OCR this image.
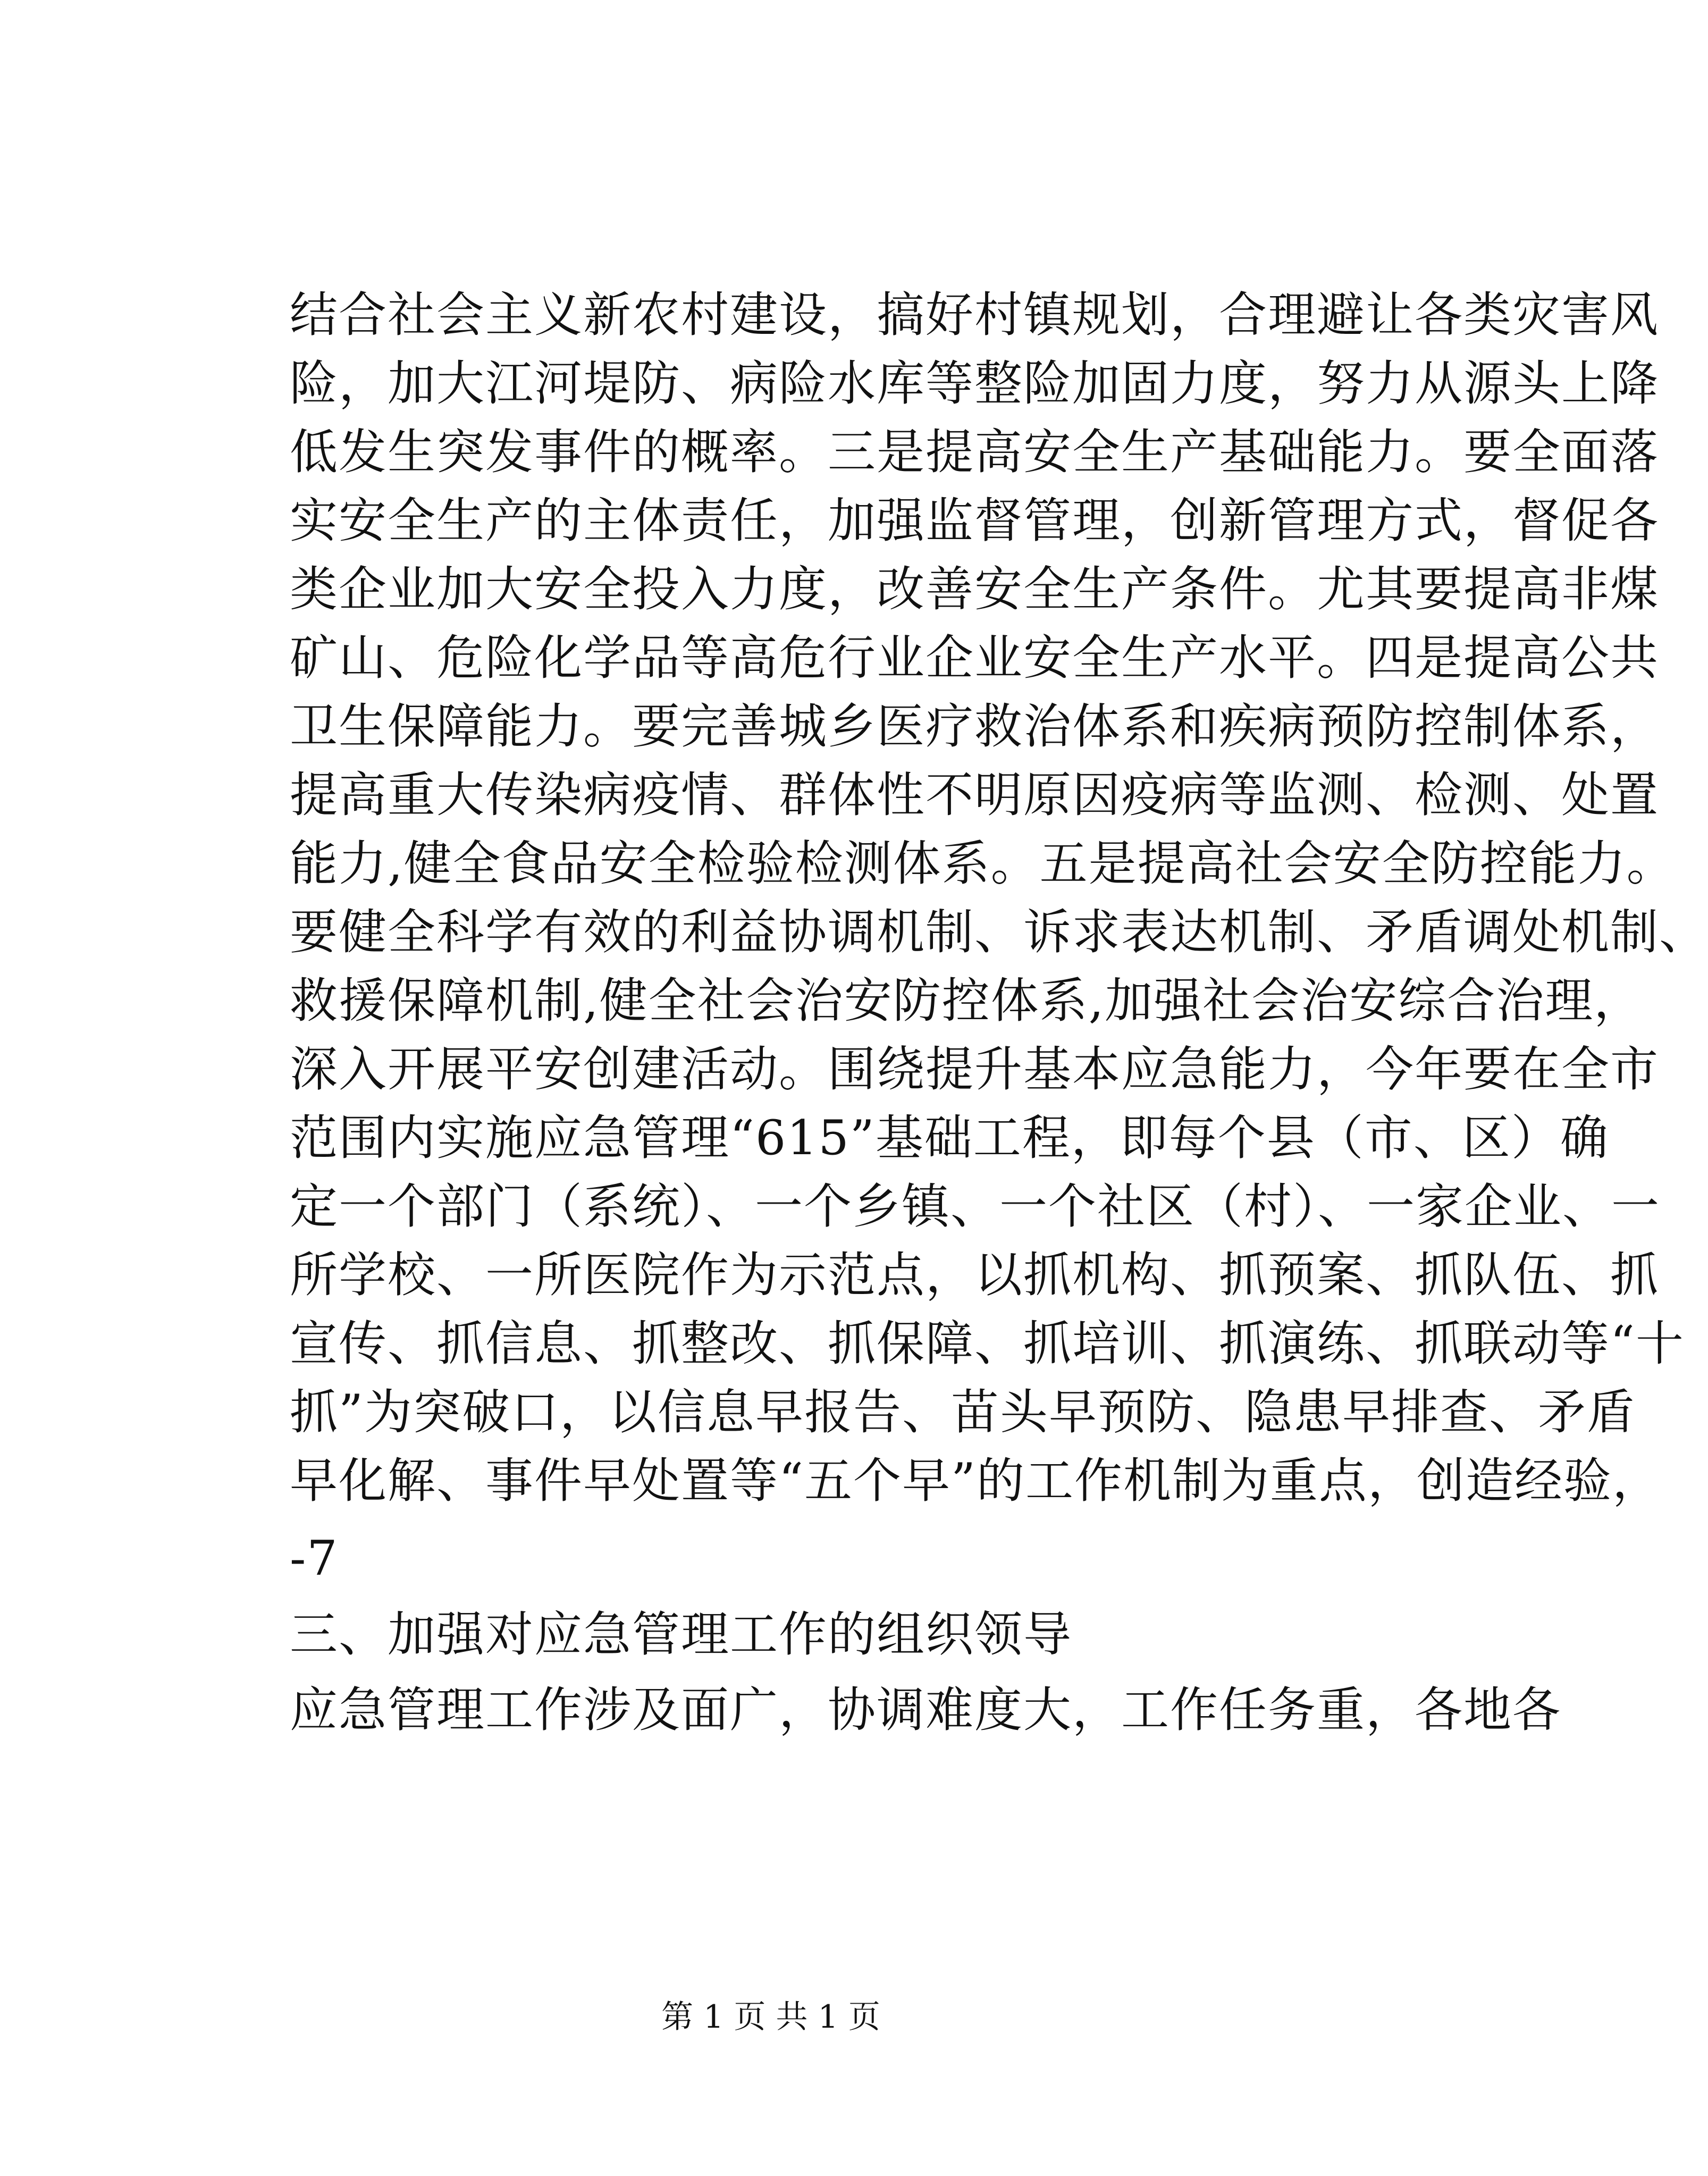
结合社会主义新农村建设，搞好村镇规划，合理避让各类灾害风

险，加大江河堤防、病险水库等整险加固力度，努力从源头上降

低发生突发事件的概率。三是提高安全生产基础能力。要全面落

实安全生产的主体责任，加强监督管理，创新管理方式，督促各

类企业加大安全投入力度，改善安全生产条件。尤其要提高非煤

矿山、危险化学品等高危行业企业安全生产水平。四是提高公共

卫生保障能力。要完善城乡医疗救治体系和疾病预防控制体系，

提高重大传染病疫情、群体性不明原因疫病等监测、检测、处置

能力,健全食品安全检验检测体系。五是提高社会安全防控能力。

要健全科学有效的利益协调机制、诉求表达机制、矛盾调处机制、

救援保障机制,健全社会治安防控体系,加强社会治安综合治理，

深入开展平安创建活动。围绕提升基本应急能力，今年要在全市

范围内实施应急管理“615”基础工程，即每个县（市、区）确

定一个部门（系统）、一个乡镇、一个社区（村）、一家企业、一

所学校、一所医院作为示范点，以抓机构、抓预案、抓队伍、抓

宣传、抓信息、抓整改、抓保障、抓培训、抓演练、抓联动等“十

抓”为突破口，以信息早报告、苗头早预防、隐患早排查、矛盾

早化解、事件早处置等“五个早”的工作机制为重点，创造经验，

-7

三、加强对应急管理工作的组织领导

应急管理工作涉及面广，协调难度大，工作任务重，各地各

第 1 页 共 1 页
